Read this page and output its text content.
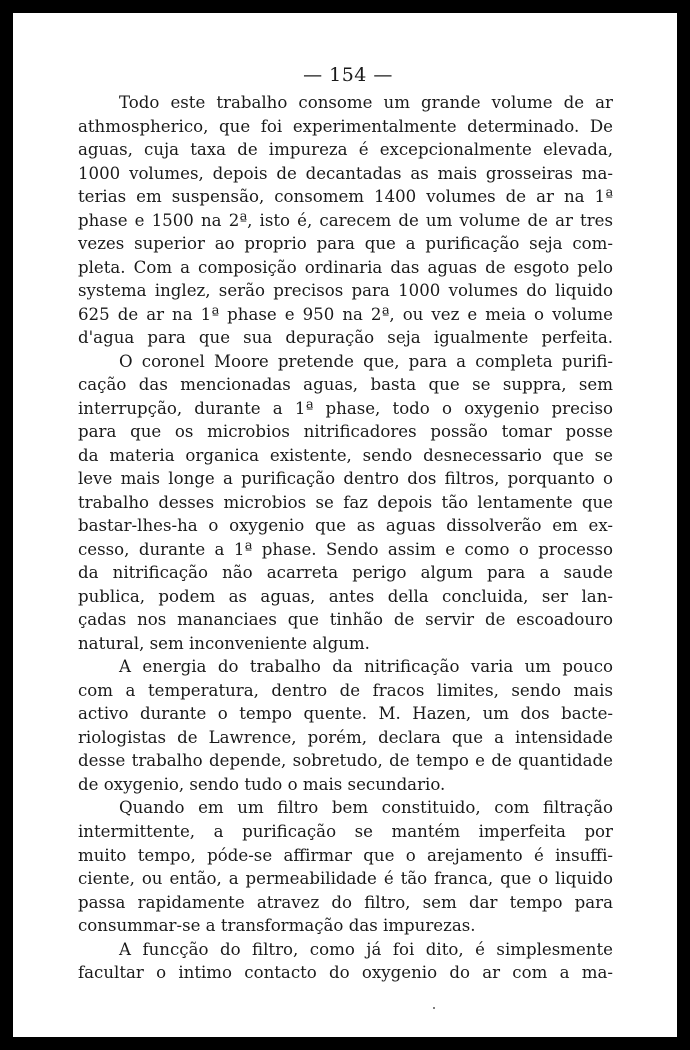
— 154 —
Todo este trabalho consome um grande volume de ar
athmospherico, que foi experimentalmente determinado. De
aguas, cuja taxa de impureza é excepcionalmente elevada,
1000 volumes, depois de decantadas as mais grosseiras ma-
terias em suspensão, consomem 1400 volumes de ar na 1ª
phase e 1500 na 2ª, isto é, carecem de um volume de ar tres
vezes superior ao proprio para que a purificação seja com-
pleta. Com a composição ordinaria das aguas de esgoto pelo
systema inglez, serão precisos para 1000 volumes do liquido
625 de ar na 1ª phase e 950 na 2ª, ou vez e meia o volume
d'agua para que sua depuração seja igualmente perfeita.
O coronel Moore pretende que, para a completa purifi-
cação das mencionadas aguas, basta que se suppra, sem
interrupção, durante a 1ª phase, todo o oxygenio preciso
para que os microbios nitrificadores possão tomar posse
da materia organica existente, sendo desnecessario que se
leve mais longe a purificação dentro dos filtros, porquanto o
trabalho desses microbios se faz depois tão lentamente que
bastar-lhes-ha o oxygenio que as aguas dissolverão em ex-
cesso, durante a 1ª phase. Sendo assim e como o processo
da nitrificação não acarreta perigo algum para a saude
publica, podem as aguas, antes della concluida, ser lan-
çadas nos mananciaes que tinhão de servir de escoadouro
natural, sem inconveniente algum.
A energia do trabalho da nitrificação varia um pouco
com a temperatura, dentro de fracos limites, sendo mais
activo durante o tempo quente. M. Hazen, um dos bacte-
riologistas de Lawrence, porém, declara que a intensidade
desse trabalho depende, sobretudo, de tempo e de quantidade
de oxygenio, sendo tudo o mais secundario.
Quando em um filtro bem constituido, com filtração
intermittente, a purificação se mantém imperfeita por
muito tempo, póde-se affirmar que o arejamento é insuffi-
ciente, ou então, a permeabilidade é tão franca, que o liquido
passa rapidamente atravez do filtro, sem dar tempo para
consummar-se a transformação das impurezas.
A funcção do filtro, como já foi dito, é simplesmente
facultar o intimo contacto do oxygenio do ar com a ma-
